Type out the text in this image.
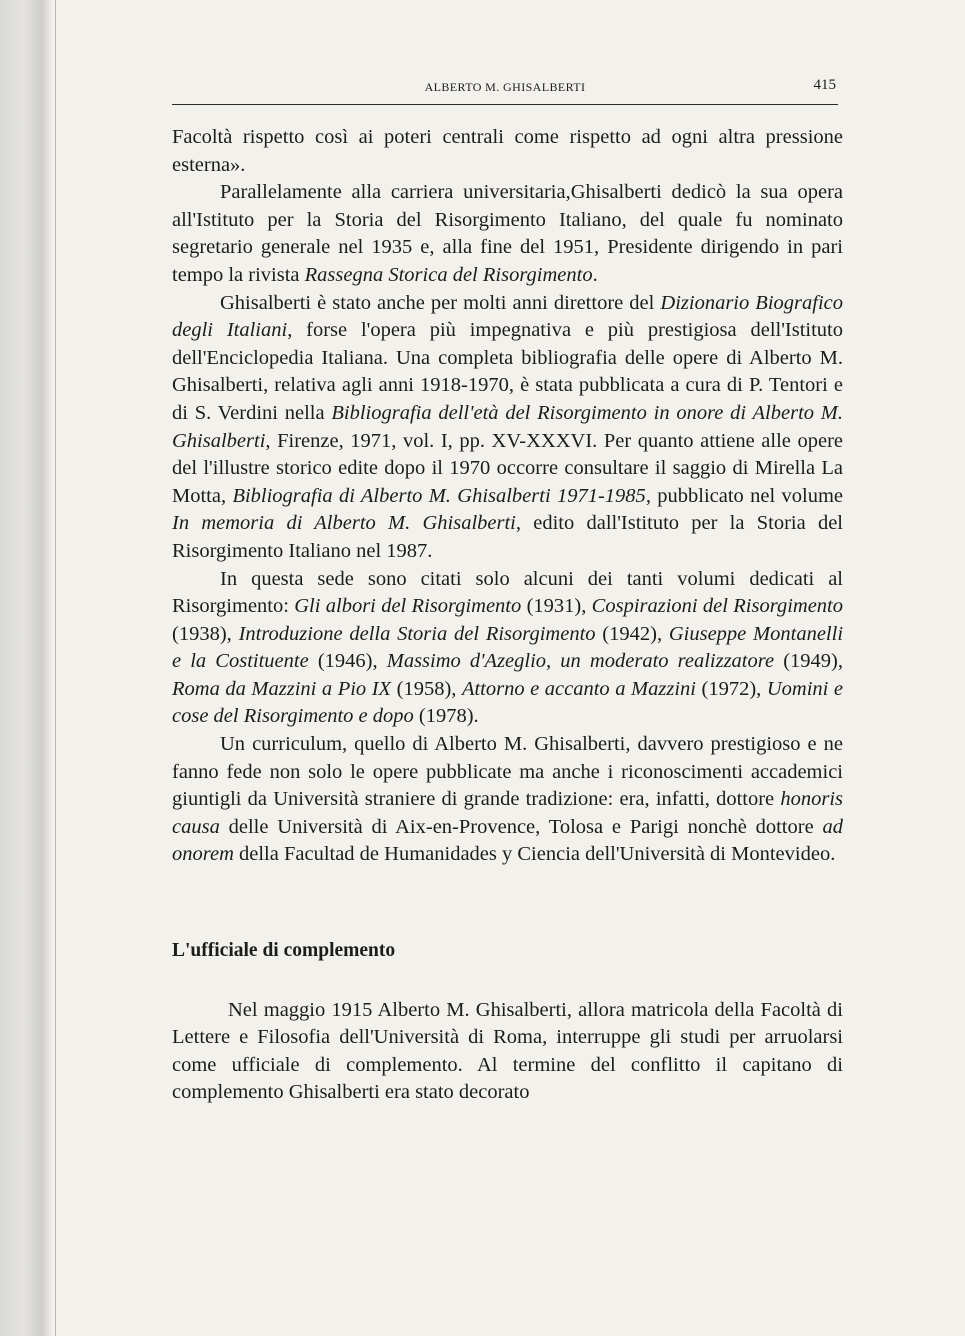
ALBERTO M. GHISALBERTI	415

Facoltà rispetto così ai poteri centrali come rispetto ad ogni altra pressione esterna».

Parallelamente alla carriera universitaria,Ghisalberti dedicò la sua opera all'Istituto per la Storia del Risorgimento Italiano, del quale fu nominato segretario generale nel 1935 e, alla fine del 1951, Presidente dirigendo in pari tempo la rivista Rassegna Storica del Risorgimento.

Ghisalberti è stato anche per molti anni direttore del Dizionario Biografico degli Italiani, forse l'opera più impegnativa e più prestigiosa dell'Istituto dell'Enciclopedia Italiana. Una completa bibliografia delle opere di Alberto M. Ghisalberti, relativa agli anni 1918-1970, è stata pubblicata a cura di P. Tentori e di S. Verdini nella Bibliografia dell'età del Risorgimento in onore di Alberto M. Ghisalberti, Firenze, 1971, vol. I, pp. XV-XXXVI. Per quanto attiene alle opere del l'illustre storico edite dopo il 1970 occorre consultare il saggio di Mirella La Motta, Bibliografia di Alberto M. Ghisalberti 1971-1985, pubblicato nel volume In memoria di Alberto M. Ghisalberti, edito dall'Istituto per la Storia del Risorgimento Italiano nel 1987.

In questa sede sono citati solo alcuni dei tanti volumi dedicati al Risorgimento: Gli albori del Risorgimento (1931), Cospirazioni del Risorgimento (1938), Introduzione della Storia del Risorgimento (1942), Giuseppe Montanelli e la Costituente (1946), Massimo d'Azeglio, un moderato realizzatore (1949), Roma da Mazzini a Pio IX (1958), Attorno e accanto a Mazzini (1972), Uomini e cose del Risorgimento e dopo (1978).

Un curriculum, quello di Alberto M. Ghisalberti, davvero prestigioso e ne fanno fede non solo le opere pubblicate ma anche i riconoscimenti accademici giuntigli da Università straniere di grande tradizione: era, infatti, dottore honoris causa delle Università di Aix-en-Provence, Tolosa e Parigi nonchè dottore ad onorem della Facultad de Humanidades y Ciencia dell'Università di Montevideo.

L'ufficiale di complemento

Nel maggio 1915 Alberto M. Ghisalberti, allora matricola della Facoltà di Lettere e Filosofia dell'Università di Roma, interruppe gli studi per arruolarsi come ufficiale di complemento. Al termine del conflitto il capitano di complemento Ghisalberti era stato decorato
